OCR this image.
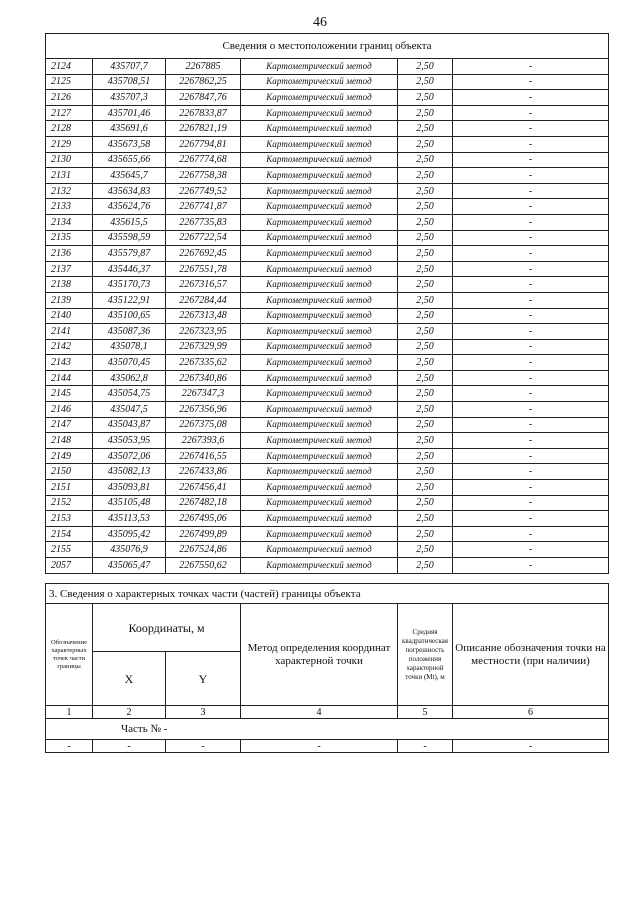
46
Сведения о местоположении границ объекта					
2124	435707,7	2267885	Картометрический метод	2,50	-
2125	435708,51	2267862,25	Картометрический метод	2,50	-
2126	435707,3	2267847,76	Картометрический метод	2,50	-
2127	435701,46	2267833,87	Картометрический метод	2,50	-
2128	435691,6	2267821,19	Картометрический метод	2,50	-
2129	435673,58	2267794,81	Картометрический метод	2,50	-
2130	435655,66	2267774,68	Картометрический метод	2,50	-
2131	435645,7	2267758,38	Картометрический метод	2,50	-
2132	435634,83	2267749,52	Картометрический метод	2,50	-
2133	435624,76	2267741,87	Картометрический метод	2,50	-
2134	435615,5	2267735,83	Картометрический метод	2,50	-
2135	435598,59	2267722,54	Картометрический метод	2,50	-
2136	435579,87	2267692,45	Картометрический метод	2,50	-
2137	435446,37	2267551,78	Картометрический метод	2,50	-
2138	435170,73	2267316,57	Картометрический метод	2,50	-
2139	435122,91	2267284,44	Картометрический метод	2,50	-
2140	435100,65	2267313,48	Картометрический метод	2,50	-
2141	435087,36	2267323,95	Картометрический метод	2,50	-
2142	435078,1	2267329,99	Картометрический метод	2,50	-
2143	435070,45	2267335,62	Картометрический метод	2,50	-
2144	435062,8	2267340,86	Картометрический метод	2,50	-
2145	435054,75	2267347,3	Картометрический метод	2,50	-
2146	435047,5	2267356,96	Картометрический метод	2,50	-
2147	435043,87	2267375,08	Картометрический метод	2,50	-
2148	435053,95	2267393,6	Картометрический метод	2,50	-
2149	435072,06	2267416,55	Картометрический метод	2,50	-
2150	435082,13	2267433,86	Картометрический метод	2,50	-
2151	435093,81	2267456,41	Картометрический метод	2,50	-
2152	435105,48	2267482,18	Картометрический метод	2,50	-
2153	435113,53	2267495,06	Картометрический метод	2,50	-
2154	435095,42	2267499,89	Картометрический метод	2,50	-
2155	435076,9	2267524,86	Картометрический метод	2,50	-
2057	435065,47	2267550,62	Картометрический метод	2,50	-
3. Сведения о характерных точках части (частей) границы объекта					
Обозначение характерных точек части границы	Координаты, м		Метод определения координат характерной точки	Средняя квадратическая погрешность положения характерной точки (Мt), м	Описание обозначения точки на местности (при наличии)
	X	Y			
1	2	3	4	5	6
Часть № -					
-	-	-	-	-	-
